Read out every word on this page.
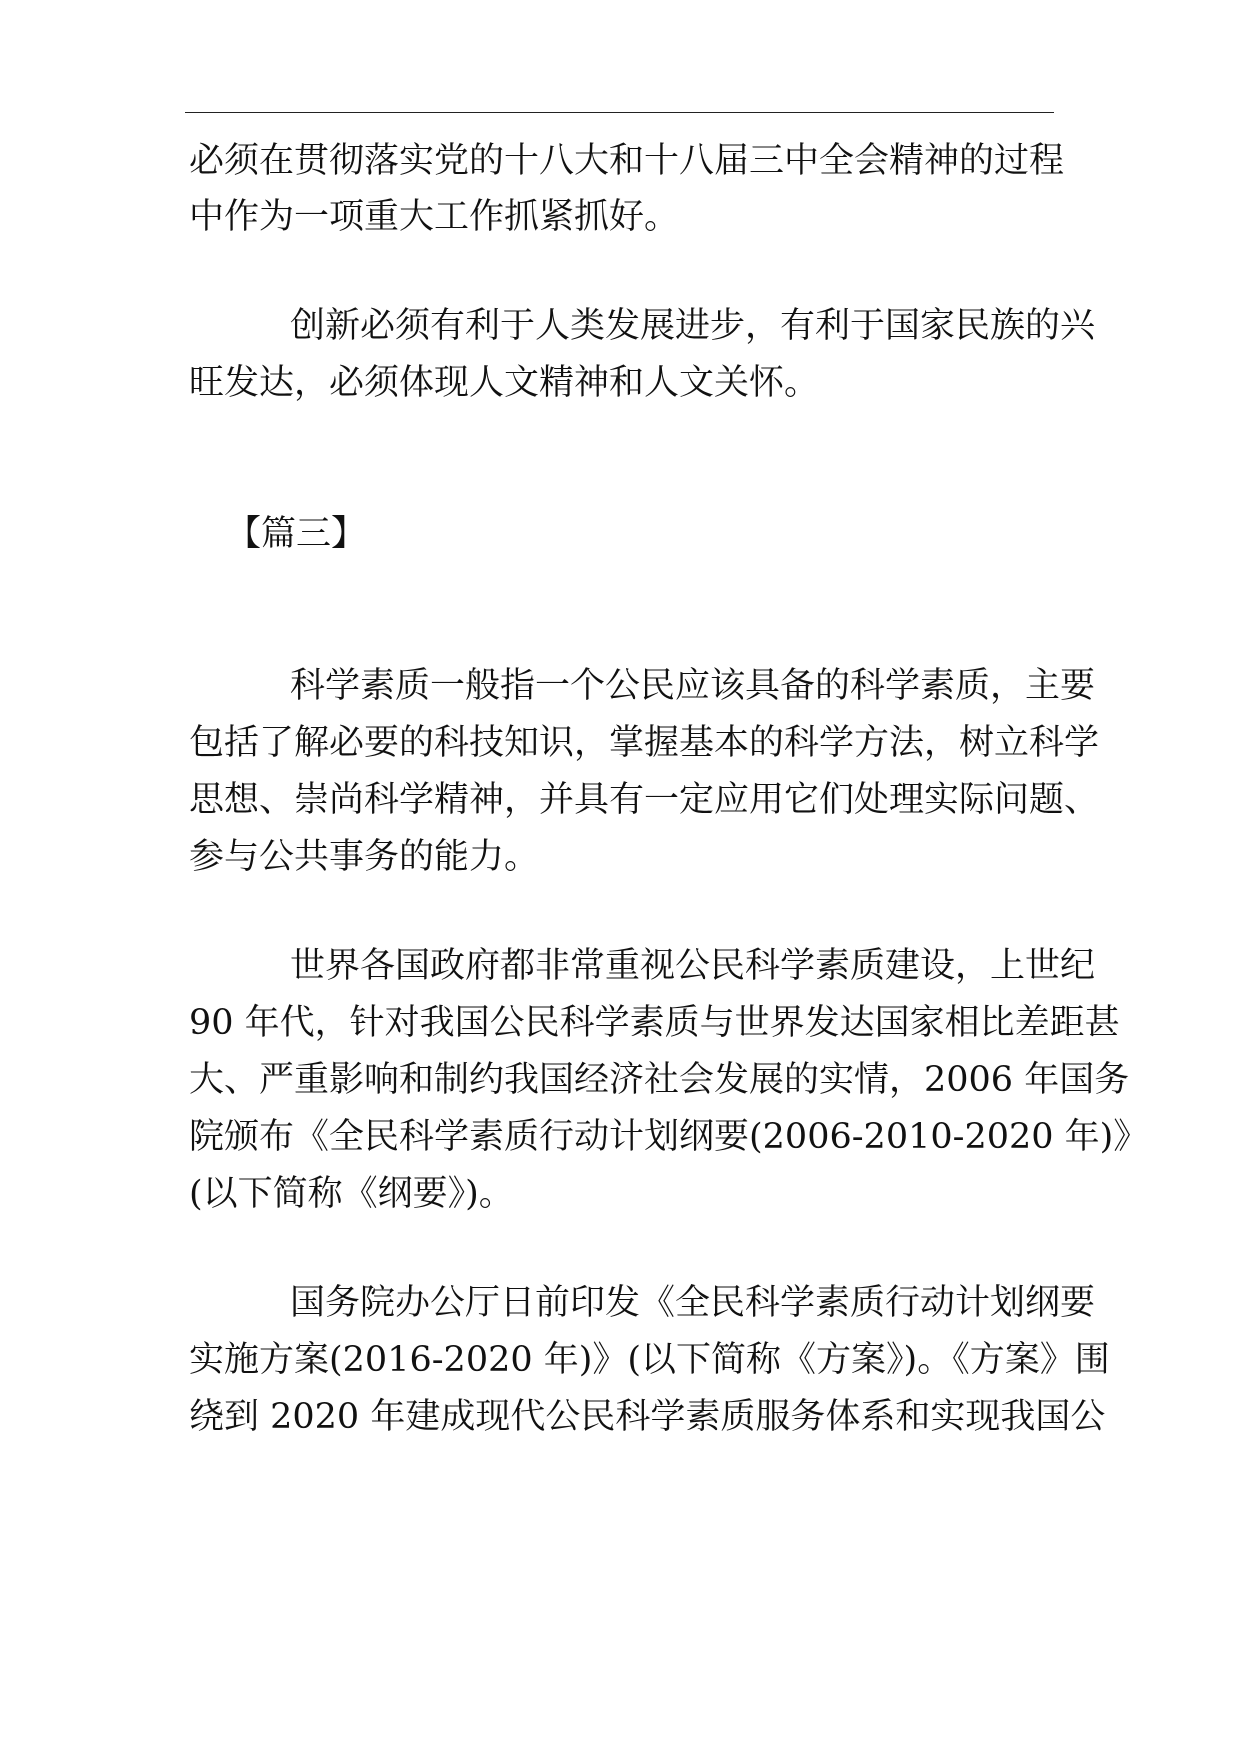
必须在贯彻落实党的十八大和十八届三中全会精神的过程
中作为一项重大工作抓紧抓好。
创新必须有利于人类发展进步，有利于国家民族的兴
旺发达，必须体现人文精神和人文关怀。
【篇三】
科学素质一般指一个公民应该具备的科学素质，主要
包括了解必要的科技知识，掌握基本的科学方法，树立科学
思想、崇尚科学精神，并具有一定应用它们处理实际问题、
参与公共事务的能力。
世界各国政府都非常重视公民科学素质建设，上世纪
90 年代，针对我国公民科学素质与世界发达国家相比差距甚
大、严重影响和制约我国经济社会发展的实情，2006 年国务
院颁布《全民科学素质行动计划纲要(2006-2010-2020 年)》
(以下简称《纲要》)。
国务院办公厅日前印发《全民科学素质行动计划纲要
实施方案(2016-2020 年)》(以下简称《方案》)。《方案》围
绕到 2020 年建成现代公民科学素质服务体系和实现我国公
